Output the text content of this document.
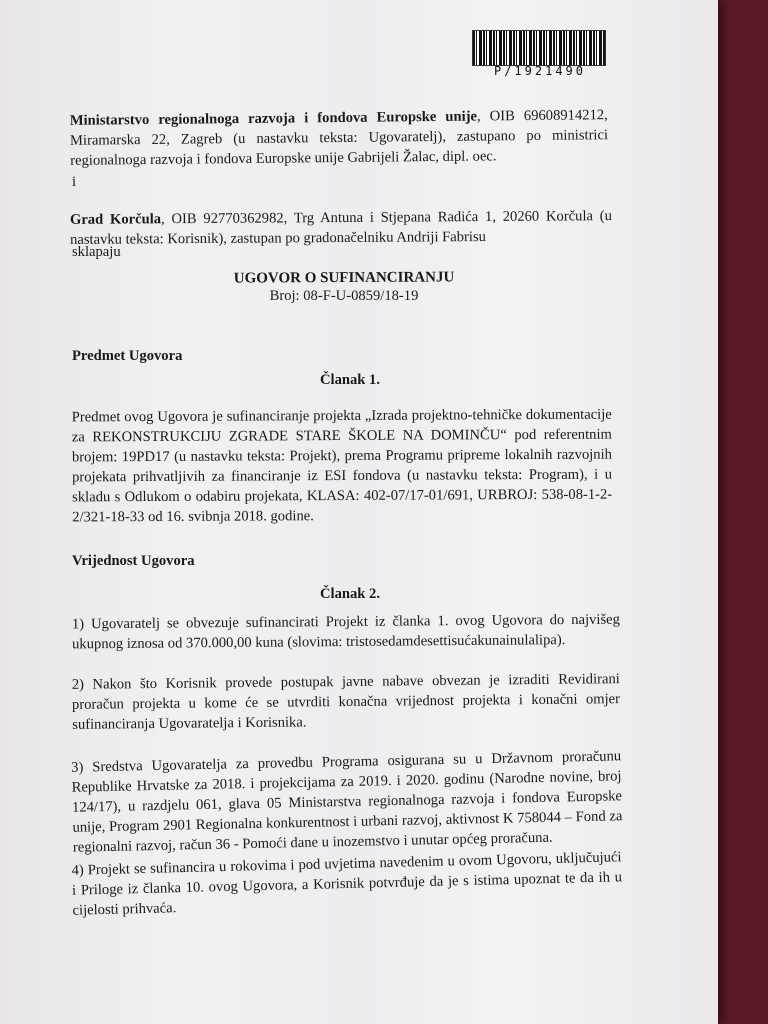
P/1921490

Ministarstvo regionalnoga razvoja i fondova Europske unije, OIB 69608914212, Miramarska 22, Zagreb (u nastavku teksta: Ugovaratelj), zastupano po ministrici regionalnoga razvoja i fondova Europske unije Gabrijeli Žalac, dipl. oec.

i

Grad Korčula, OIB 92770362982, Trg Antuna i Stjepana Radića 1, 20260 Korčula (u nastavku teksta: Korisnik), zastupan po gradonačelniku Andriji Fabrisu

sklapaju

UGOVOR O SUFINANCIRANJU

Broj: 08-F-U-0859/18-19

Predmet Ugovora

Članak 1.

Predmet ovog Ugovora je sufinanciranje projekta „Izrada projektno-tehničke dokumentacije za REKONSTRUKCIJU ZGRADE STARE ŠKOLE NA DOMINČU“ pod referentnim brojem: 19PD17 (u nastavku teksta: Projekt), prema Programu pripreme lokalnih razvojnih projekata prihvatljivih za financiranje iz ESI fondova (u nastavku teksta: Program), i u skladu s Odlukom o odabiru projekata, KLASA: 402-07/17-01/691, URBROJ: 538-08-1-2-2/321-18-33 od 16. svibnja 2018. godine.

Vrijednost Ugovora

Članak 2.

1) Ugovaratelj se obvezuje sufinancirati Projekt iz članka 1. ovog Ugovora do najvišeg ukupnog iznosa od 370.000,00 kuna (slovima: tristosedamdesettisućakunainulalipa).

2) Nakon što Korisnik provede postupak javne nabave obvezan je izraditi Revidirani proračun projekta u kome će se utvrditi konačna vrijednost projekta i konačni omjer sufinanciranja Ugovaratelja i Korisnika.

3) Sredstva Ugovaratelja za provedbu Programa osigurana su u Državnom proračunu Republike Hrvatske za 2018. i projekcijama za 2019. i 2020. godinu (Narodne novine, broj 124/17), u razdjelu 061, glava 05 Ministarstva regionalnoga razvoja i fondova Europske unije, Program 2901 Regionalna konkurentnost i urbani razvoj, aktivnost K 758044 – Fond za regionalni razvoj, račun 36 - Pomoći dane u inozemstvo i unutar općeg proračuna.

4) Projekt se sufinancira u rokovima i pod uvjetima navedenim u ovom Ugovoru, uključujući i Priloge iz članka 10. ovog Ugovora, a Korisnik potvrđuje da je s istima upoznat te da ih u cijelosti prihvaća.
